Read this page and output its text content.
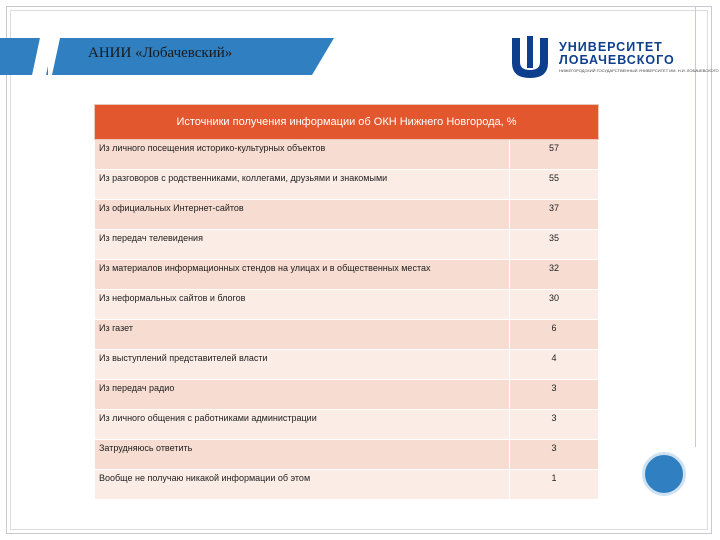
АНИИ «Лобачевский»	УНИВЕРСИТЕТ
ЛОБАЧЕВСКОГО
НИЖЕГОРОДСКИЙ ГОСУДАРСТВЕННЫЙ УНИВЕРСИТЕТ ИМ. Н.И. ЛОБАЧЕВСКОГО
Источники получения информации об ОКН Нижнего Новгорода, %	
Из личного посещения историко-культурных объектов	57
Из разговоров с родственниками, коллегами, друзьями и знакомыми	55
Из официальных Интернет-сайтов	37
Из передач телевидения	35
Из материалов информационных стендов на улицах и в общественных местах	32
Из неформальных сайтов и блогов	30
Из газет	6
Из выступлений представителей власти	4
Из передач радио	3
Из личного общения с работниками администрации	3
Затрудняюсь ответить	3
Вообще не получаю никакой информации об этом	1
